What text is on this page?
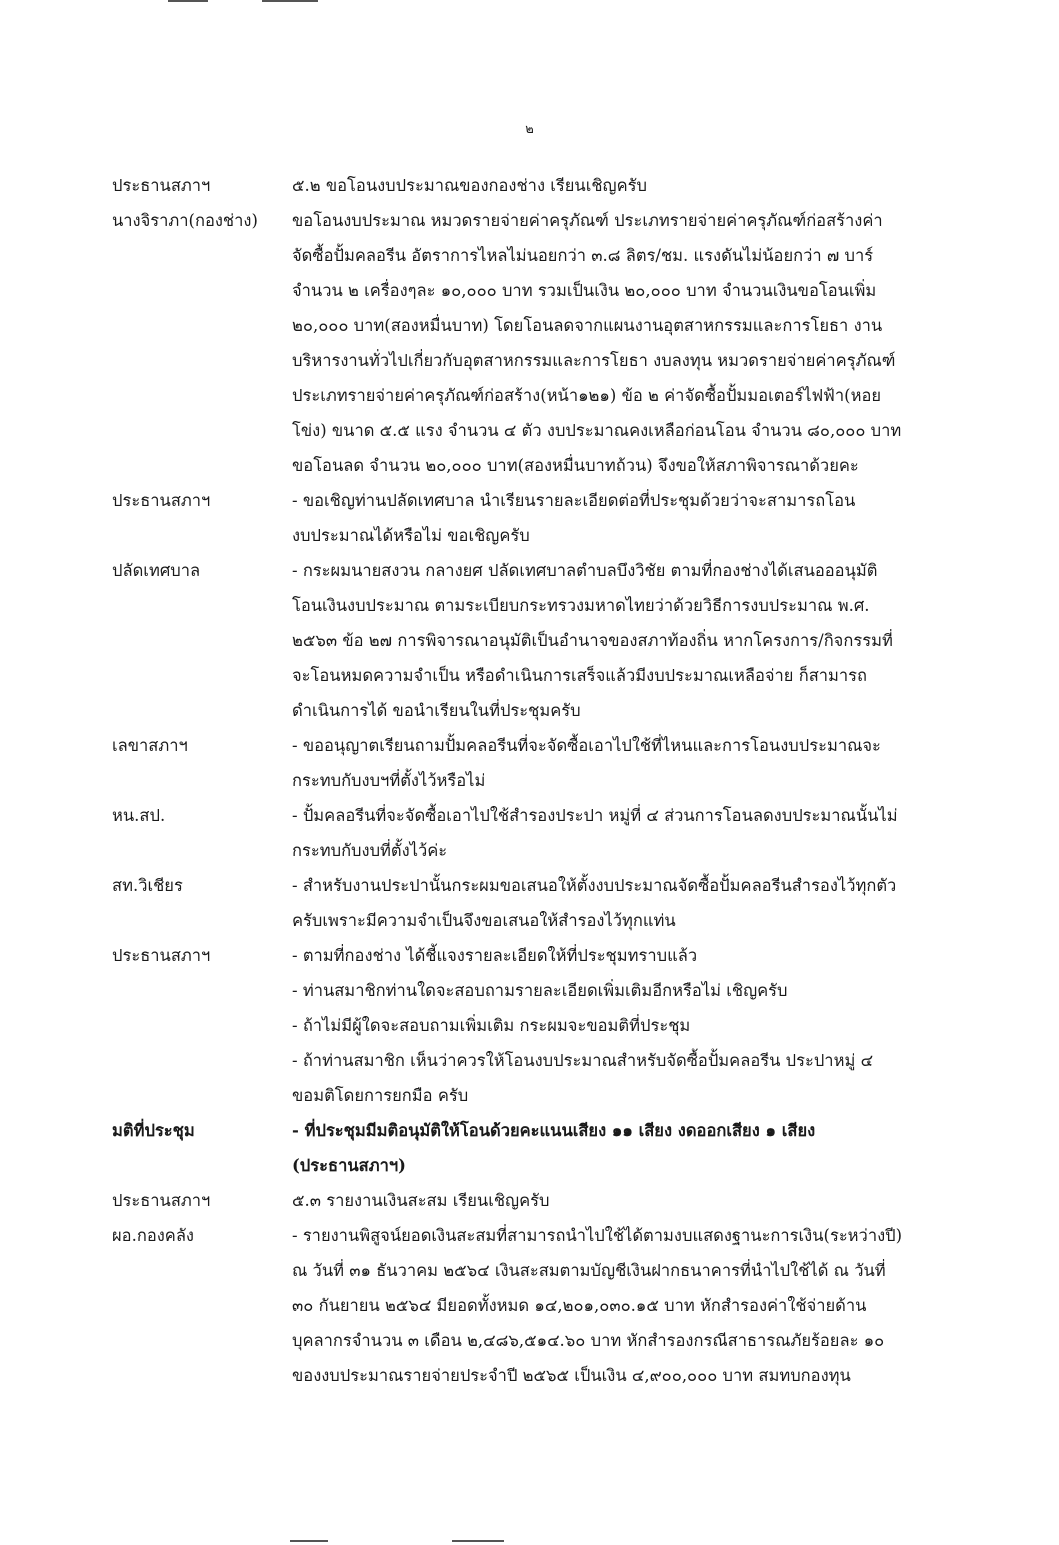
๒
ประธานสภาฯ	๕.๒ ขอโอนงบประมาณของกองช่าง เรียนเชิญครับ
นางจิราภา(กองช่าง)	ขอโอนงบประมาณ หมวดรายจ่ายค่าครุภัณฑ์ ประเภทรายจ่ายค่าครุภัณฑ์ก่อสร้างค่า
จัดซื้อปั้มคลอรีน อัตราการไหลไม่นอยกว่า ๓.๘ ลิตร/ชม. แรงดันไม่น้อยกว่า ๗ บาร์
จำนวน ๒ เครื่องๆละ ๑๐,๐๐๐ บาท รวมเป็นเงิน ๒๐,๐๐๐ บาท จำนวนเงินขอโอนเพิ่ม
๒๐,๐๐๐ บาท(สองหมื่นบาท) โดยโอนลดจากแผนงานอุตสาหกรรมและการโยธา งาน
บริหารงานทั่วไปเกี่ยวกับอุตสาหกรรมและการโยธา งบลงทุน หมวดรายจ่ายค่าครุภัณฑ์
ประเภทรายจ่ายค่าครุภัณฑ์ก่อสร้าง(หน้า๑๒๑) ข้อ ๒ ค่าจัดซื้อปั้มมอเตอร์ไฟฟ้า(หอย
โข่ง) ขนาด ๕.๕ แรง จำนวน ๔ ตัว งบประมาณคงเหลือก่อนโอน จำนวน ๘๐,๐๐๐ บาท
ขอโอนลด จำนวน ๒๐,๐๐๐ บาท(สองหมื่นบาทถ้วน) จึงขอให้สภาพิจารณาด้วยคะ
ประธานสภาฯ	- ขอเชิญท่านปลัดเทศบาล นำเรียนรายละเอียดต่อที่ประชุมด้วยว่าจะสามารถโอน
งบประมาณได้หรือไม่ ขอเชิญครับ
ปลัดเทศบาล	- กระผมนายสงวน กลางยศ ปลัดเทศบาลตำบลบึงวิชัย ตามที่กองช่างได้เสนอออนุมัติ
โอนเงินงบประมาณ ตามระเบียบกระทรวงมหาดไทยว่าด้วยวิธีการงบประมาณ พ.ศ.
๒๕๖๓ ข้อ ๒๗ การพิจารณาอนุมัติเป็นอำนาจของสภาท้องถิ่น หากโครงการ/กิจกรรมที่
จะโอนหมดความจำเป็น หรือดำเนินการเสร็จแล้วมีงบประมาณเหลือจ่าย ก็สามารถ
ดำเนินการได้ ขอนำเรียนในที่ประชุมครับ
เลขาสภาฯ	- ขออนุญาตเรียนถามปั้มคลอรีนที่จะจัดซื้อเอาไปใช้ที่ไหนและการโอนงบประมาณจะ
กระทบกับงบฯที่ตั้งไว้หรือไม่
หน.สป.	- ปั้มคลอรีนที่จะจัดซื้อเอาไปใช้สำรองประปา หมู่ที่ ๔ ส่วนการโอนลดงบประมาณนั้นไม่
กระทบกับงบที่ตั้งไว้ค่ะ
สท.วิเชียร	- สำหรับงานประปานั้นกระผมขอเสนอให้ตั้งงบประมาณจัดซื้อปั้มคลอรีนสำรองไว้ทุกตัว
ครับเพราะมีความจำเป็นจึงขอเสนอให้สำรองไว้ทุกแท่น
ประธานสภาฯ	- ตามที่กองช่าง ได้ชี้แจงรายละเอียดให้ที่ประชุมทราบแล้ว
- ท่านสมาชิกท่านใดจะสอบถามรายละเอียดเพิ่มเติมอีกหรือไม่ เชิญครับ
- ถ้าไม่มีผู้ใดจะสอบถามเพิ่มเติม กระผมจะขอมติที่ประชุม
- ถ้าท่านสมาชิก เห็นว่าควรให้โอนงบประมาณสำหรับจัดซื้อปั้มคลอรีน ประปาหมู่ ๔
ขอมติโดยการยกมือ ครับ
มติที่ประชุม	- ที่ประชุมมีมติอนุมัติให้โอนด้วยคะแนนเสียง ๑๑ เสียง งดออกเสียง ๑ เสียง
(ประธานสภาฯ)
ประธานสภาฯ	๕.๓ รายงานเงินสะสม เรียนเชิญครับ
ผอ.กองคลัง	- รายงานพิสูจน์ยอดเงินสะสมที่สามารถนำไปใช้ได้ตามงบแสดงฐานะการเงิน(ระหว่างปี)
ณ วันที่ ๓๑ ธันวาคม ๒๕๖๔ เงินสะสมตามบัญชีเงินฝากธนาคารที่นำไปใช้ได้ ณ วันที่
๓๐ กันยายน ๒๕๖๔ มียอดทั้งหมด ๑๔,๒๐๑,๐๓๐.๑๕ บาท หักสำรองค่าใช้จ่ายด้าน
บุคลากรจำนวน ๓ เดือน ๒,๔๘๖,๕๑๔.๖๐ บาท หักสำรองกรณีสาธารณภัยร้อยละ ๑๐
ของงบประมาณรายจ่ายประจำปี ๒๕๖๕ เป็นเงิน ๔,๙๐๐,๐๐๐ บาท สมทบกองทุน
